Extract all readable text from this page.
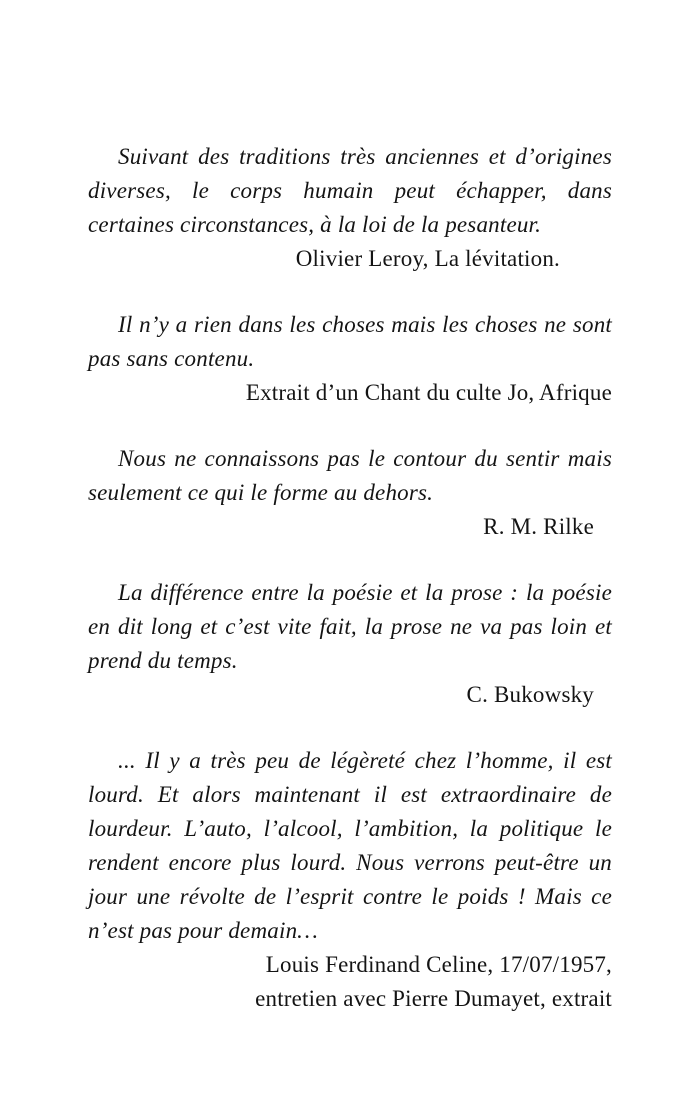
Suivant des traditions très anciennes et d’origines diverses, le corps humain peut échapper, dans certaines circonstances, à la loi de la pesanteur.

Olivier Leroy, La lévitation.

Il n’y a rien dans les choses mais les choses ne sont pas sans contenu.

Extrait d’un Chant du culte Jo, Afrique

Nous ne connaissons pas le contour du sentir mais seulement ce qui le forme au dehors.

R. M. Rilke

La différence entre la poésie et la prose : la poésie en dit long et c’est vite fait, la prose ne va pas loin et prend du temps.

C. Bukowsky

... Il y a très peu de légèreté chez l’homme, il est lourd. Et alors maintenant il est extraordinaire de lourdeur. L’auto, l’alcool, l’ambition, la politique le rendent encore plus lourd. Nous verrons peut-être un jour une révolte de l’esprit contre le poids ! Mais ce n’est pas pour demain…

Louis Ferdinand Celine, 17/07/1957,

entretien avec Pierre Dumayet, extrait
